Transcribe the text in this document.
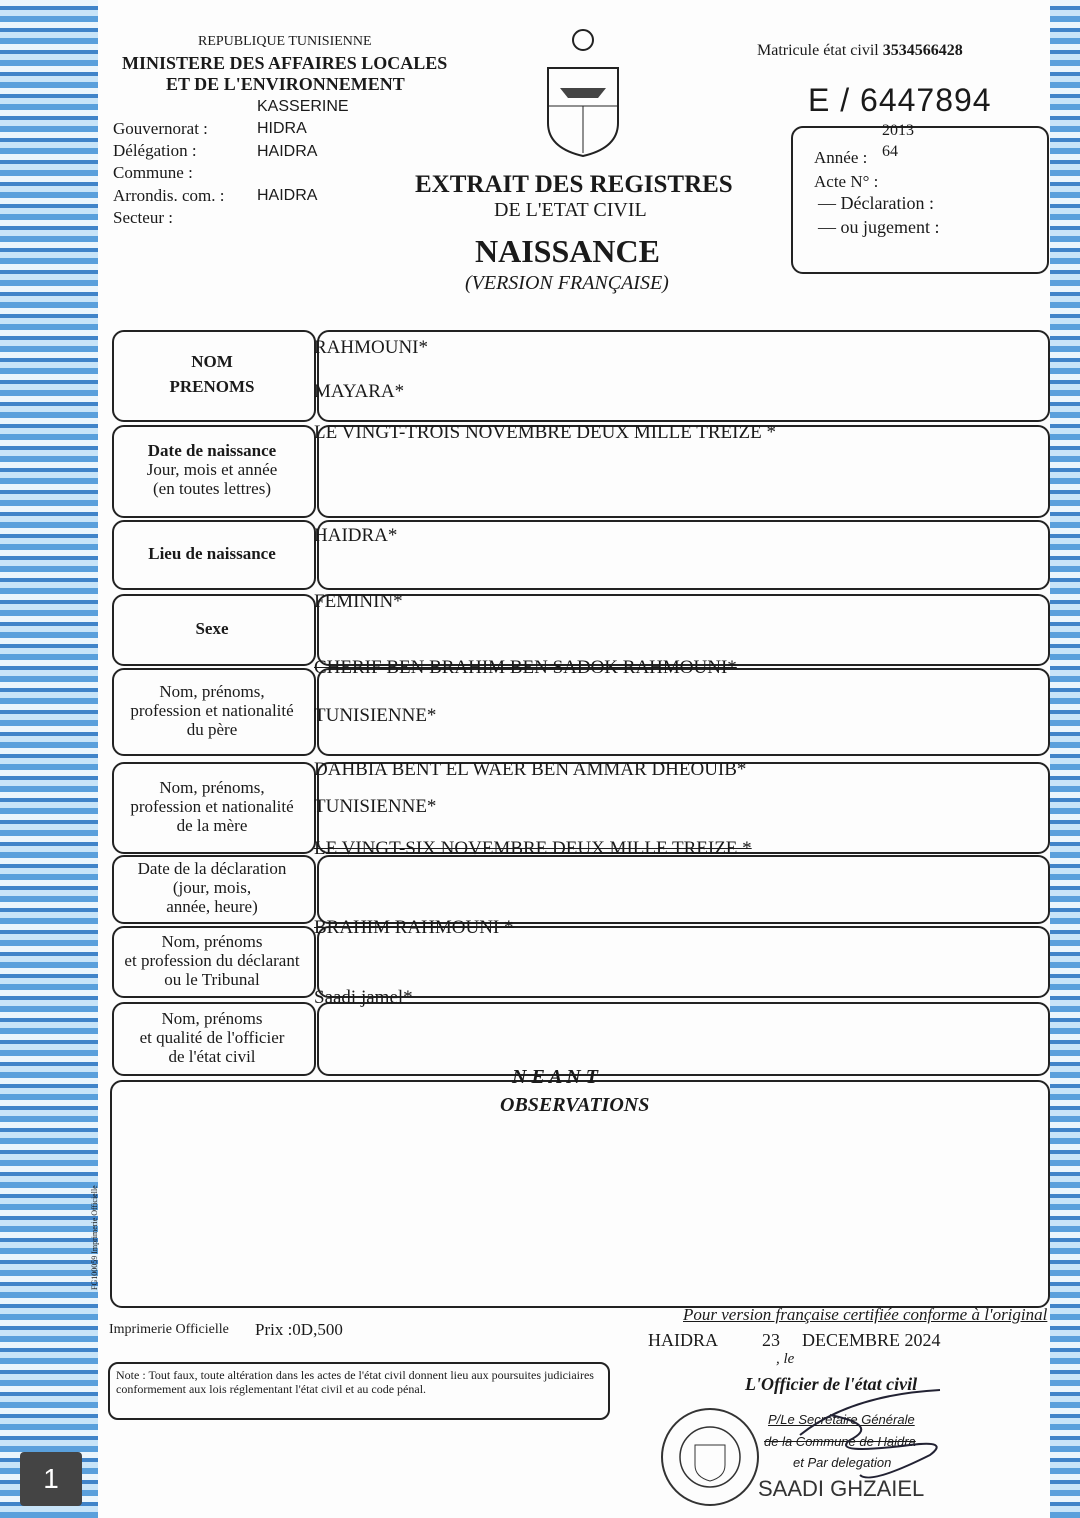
REPUBLIQUE TUNISIENNE
MINISTERE DES AFFAIRES LOCALES
ET DE L'ENVIRONNEMENT
Gouvernorat :
KASSERINE
Délégation :
HIDRA
Commune :
HAIDRA
Arrondis. com. : HAIDRA
Secteur :
Matricule état civil 3534566428
E / 6447894
Année :
2013
Acte N° :
64
— Déclaration :
— ou jugement :
EXTRAIT DES REGISTRES
DE L'ETAT CIVIL
NAISSANCE
(VERSION FRANÇAISE)
NOM
PRENOMS
RAHMOUNI*
MAYARA*
Date de naissance
Jour, mois et année
(en toutes lettres)
LE VINGT-TROIS NOVEMBRE DEUX MILLE TREIZE *
Lieu de naissance
HAIDRA*
Sexe
FEMININ*
Nom, prénoms,
profession et nationalité
du père
CHERIF BEN BRAHIM BEN SADOK RAHMOUNI*
TUNISIENNE*
Nom, prénoms,
profession et nationalité
de la mère
DAHBIA BENT EL WAER BEN AMMAR DHEOUIB*
TUNISIENNE*
Date de la déclaration
(jour, mois,
année, heure)
LE VINGT-SIX NOVEMBRE DEUX MILLE TREIZE *
Nom, prénoms
et profession du déclarant
ou le Tribunal
BRAHIM RAHMOUNI *
Nom, prénoms
et qualité de l'officier
de l'état civil
Saadi jamel*
N E A N T
OBSERVATIONS
FG100059 Imprimerie Officielle
Imprimerie Officielle Prix :0D,500
Note : Tout faux, toute altération dans les actes de l'état civil donnent lieu aux poursuites judiciaires conformement aux lois réglementant l'état civil et au code pénal.
Pour version française certifiée conforme à l'original
HAIDRA 23 DECEMBRE 2024
, le
L'Officier de l'état civil
P/Le Secrétaire Générale
de la Commune de Haidra
et Par delegation
SAADI GHZAIEL
1
